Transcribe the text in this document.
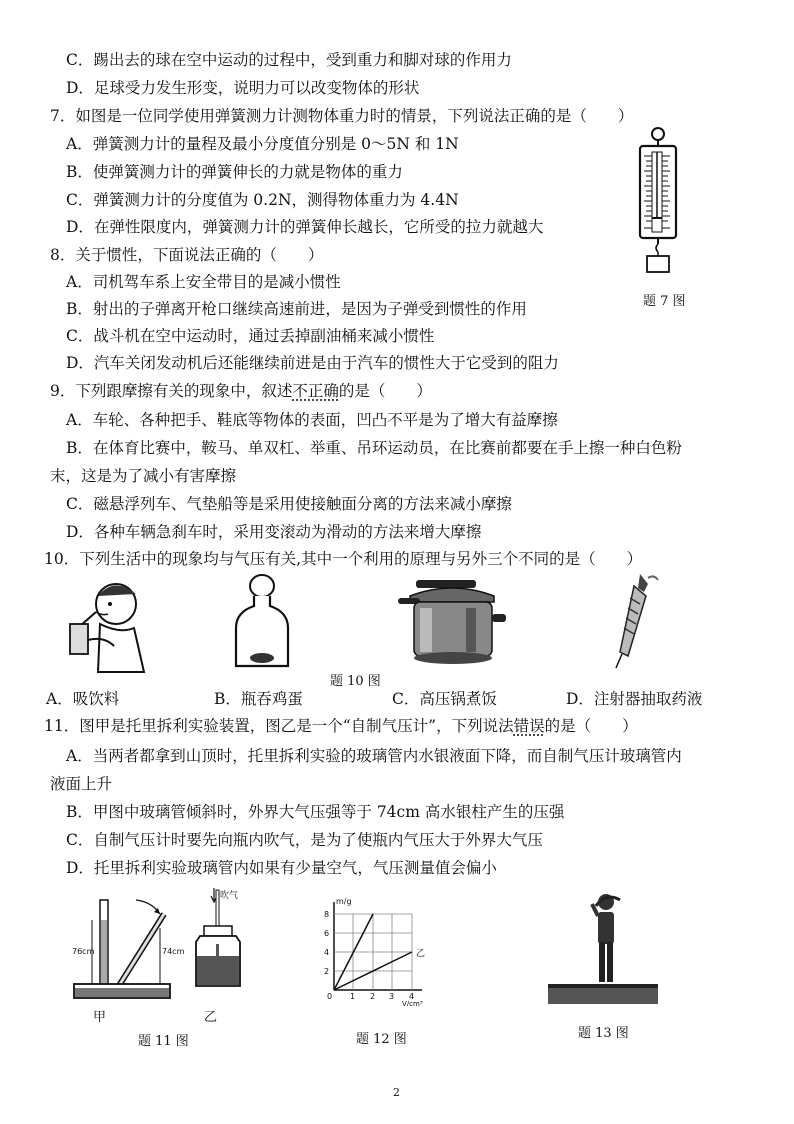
C．踢出去的球在空中运动的过程中，受到重力和脚对球的作用力
D．足球受力发生形变，说明力可以改变物体的形状
7．如图是一位同学使用弹簧测力计测物体重力时的情景，下列说法正确的是（　　）
A．弹簧测力计的量程及最小分度值分别是 0～5N 和 1N
B．使弹簧测力计的弹簧伸长的力就是物体的重力
C．弹簧测力计的分度值为 0.2N，测得物体重力为 4.4N
D．在弹性限度内，弹簧测力计的弹簧伸长越长，它所受的拉力就越大
8．关于惯性，下面说法正确的（　　）
A．司机驾车系上安全带目的是减小惯性
B．射出的子弹离开枪口继续高速前进，是因为子弹受到惯性的作用
C．战斗机在空中运动时，通过丢掉副油桶来减小惯性
D．汽车关闭发动机后还能继续前进是由于汽车的惯性大于它受到的阻力
9．下列跟摩擦有关的现象中，叙述不正确的是（　　）
A．车轮、各种把手、鞋底等物体的表面，凹凸不平是为了增大有益摩擦
B．在体育比赛中，鞍马、单双杠、举重、吊环运动员，在比赛前都要在手上擦一种白色粉
末，这是为了减小有害摩擦
C．磁悬浮列车、气垫船等是采用使接触面分离的方法来减小摩擦
D．各种车辆急刹车时，采用变滚动为滑动的方法来增大摩擦
10．下列生活中的现象均与气压有关,其中一个利用的原理与另外三个不同的是（　　）
题 7 图
题 10 图
A．吸饮料	B．瓶吞鸡蛋	C．高压锅煮饭	D．注射器抽取药液
11．图甲是托里拆利实验装置，图乙是一个“自制气压计”，下列说法错误的是（　　）
A．当两者都拿到山顶时，托里拆利实验的玻璃管内水银液面下降，而自制气压计玻璃管内
液面上升
B．甲图中玻璃管倾斜时，外界大气压强等于 74cm 高水银柱产生的压强
C．自制气压计时要先向瓶内吹气，是为了使瓶内气压大于外界大气压
D．托里拆利实验玻璃管内如果有少量空气，气压测量值会偏小
76cm	74cm
甲
吹气
乙
题 11 图
m/g
乙
8
6
4
2
0 1 2 3 4
V/cm³
题 12 图	题 13 图
2
